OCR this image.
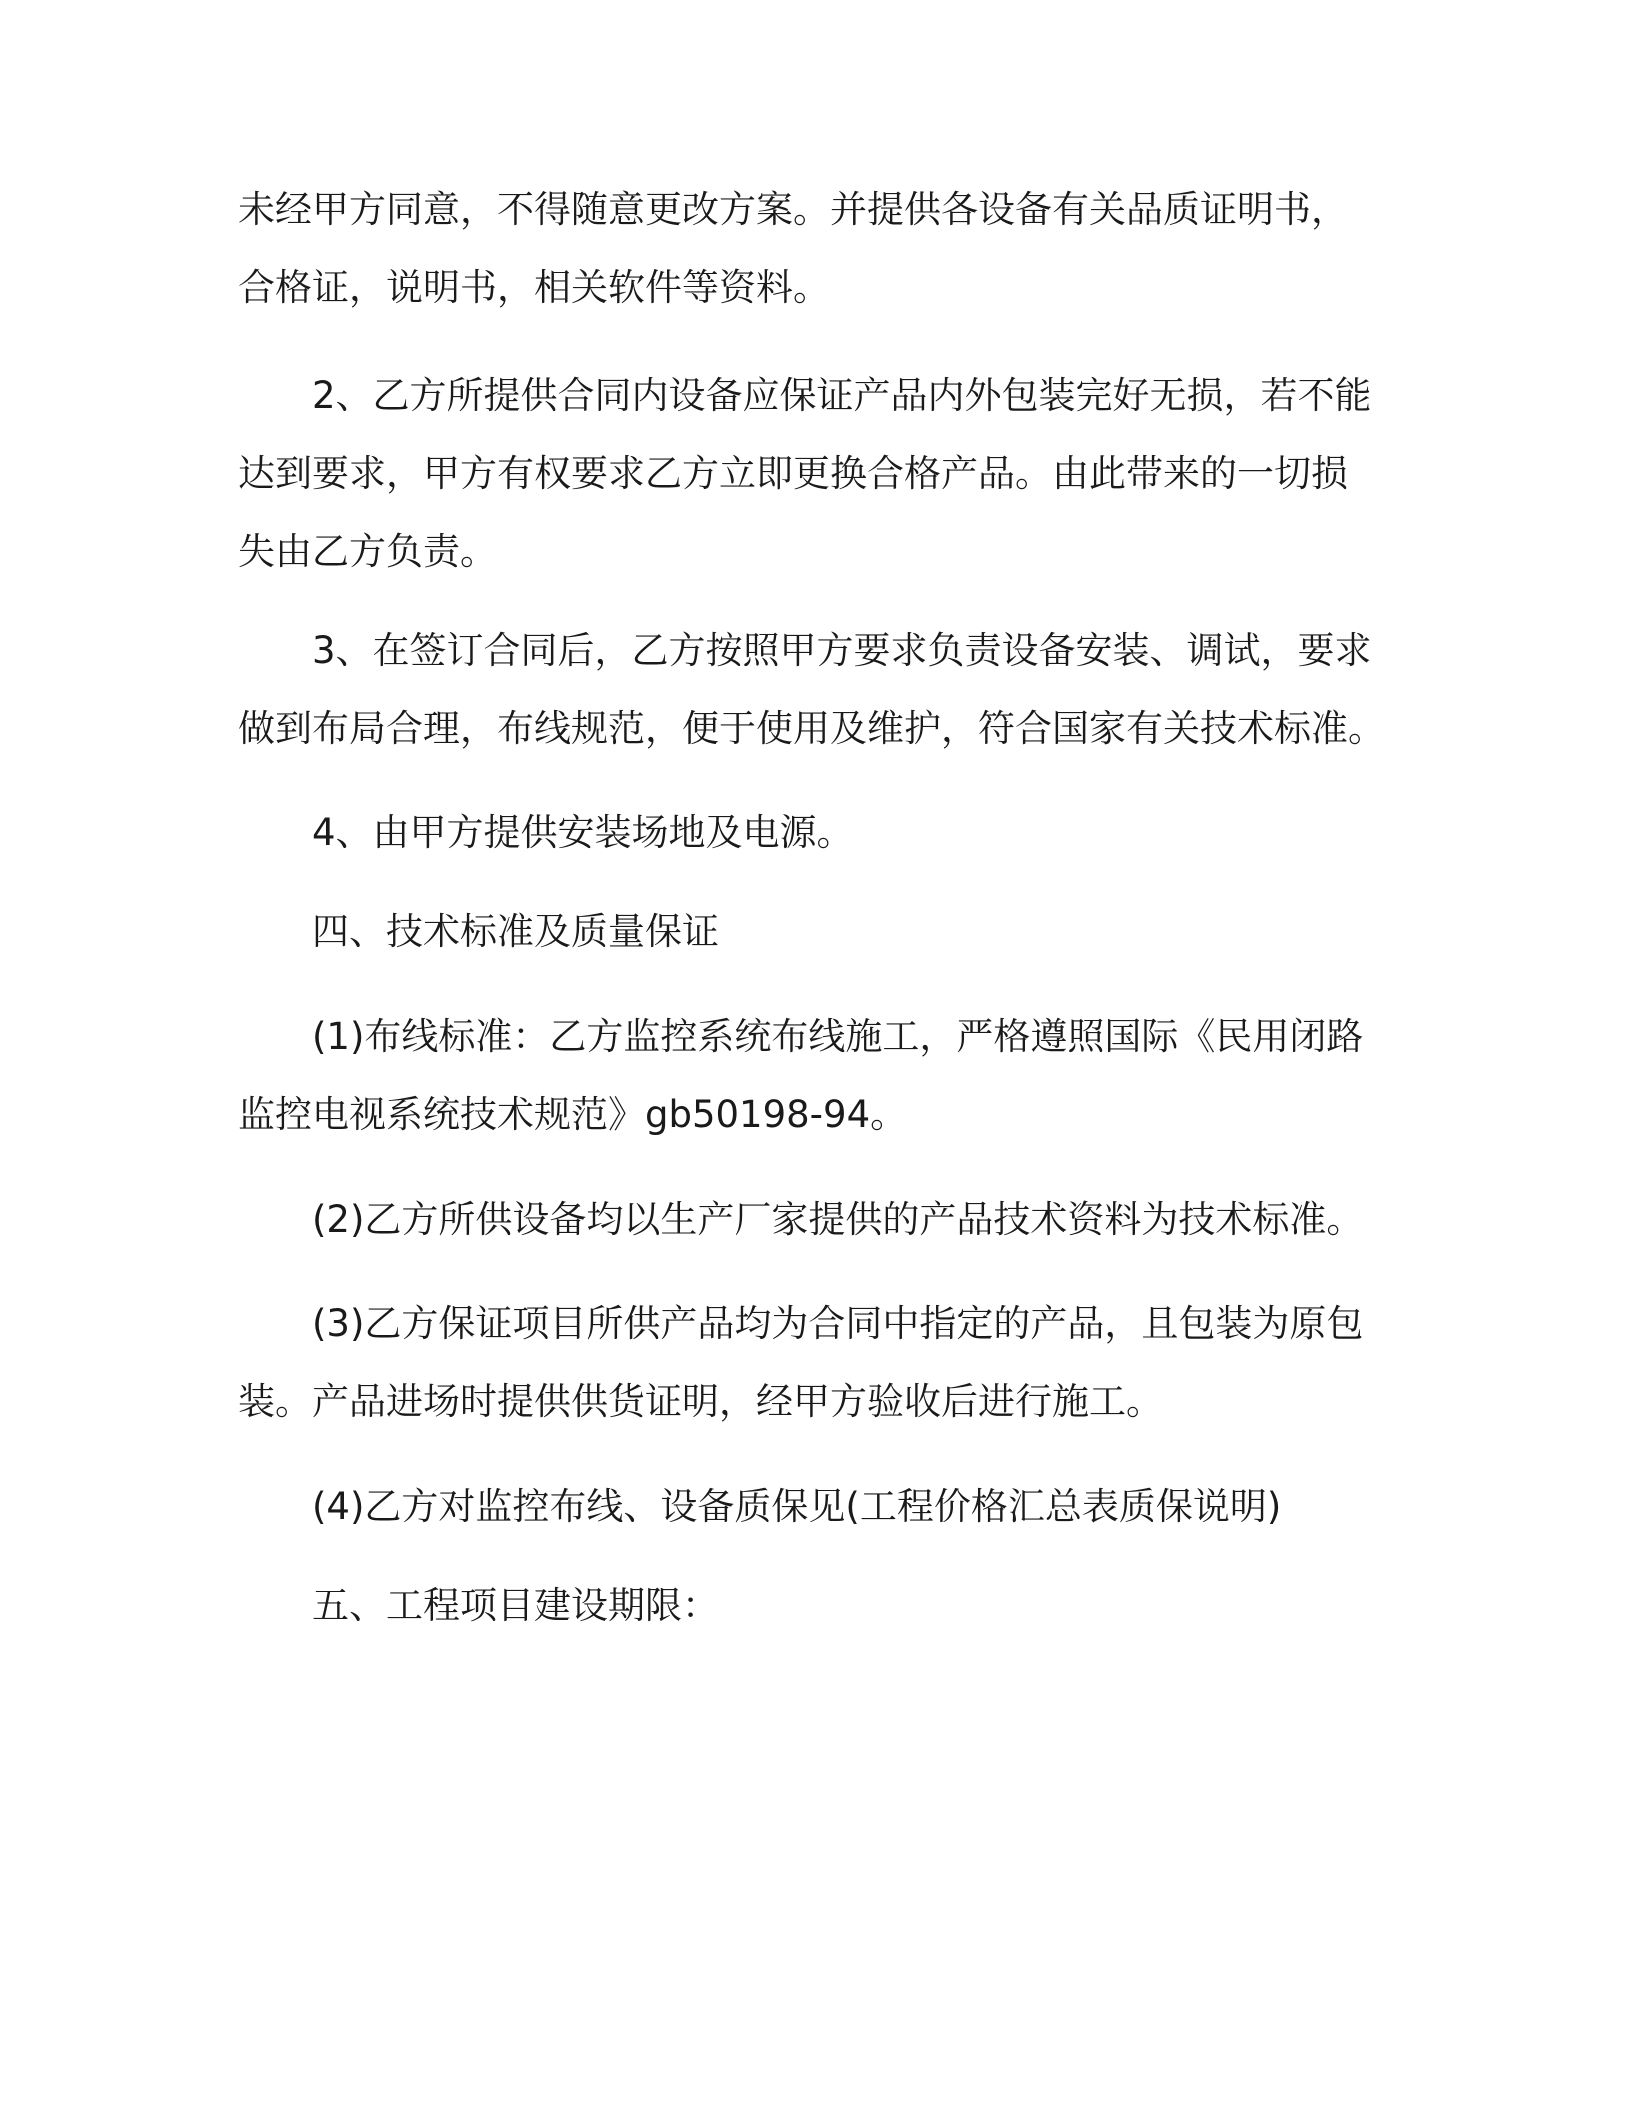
未经甲方同意，不得随意更改方案。并提供各设备有关品质证明书，
合格证，说明书，相关软件等资料。

2、乙方所提供合同内设备应保证产品内外包装完好无损，若不能
达到要求，甲方有权要求乙方立即更换合格产品。由此带来的一切损
失由乙方负责。

3、在签订合同后，乙方按照甲方要求负责设备安装、调试，要求
做到布局合理，布线规范，便于使用及维护，符合国家有关技术标准。

4、由甲方提供安装场地及电源。

四、技术标准及质量保证

(1)布线标准：乙方监控系统布线施工，严格遵照国际《民用闭路
监控电视系统技术规范》gb50198-94。

(2)乙方所供设备均以生产厂家提供的产品技术资料为技术标准。

(3)乙方保证项目所供产品均为合同中指定的产品，且包装为原包
装。产品进场时提供供货证明，经甲方验收后进行施工。

(4)乙方对监控布线、设备质保见(工程价格汇总表质保说明)

五、工程项目建设期限：
